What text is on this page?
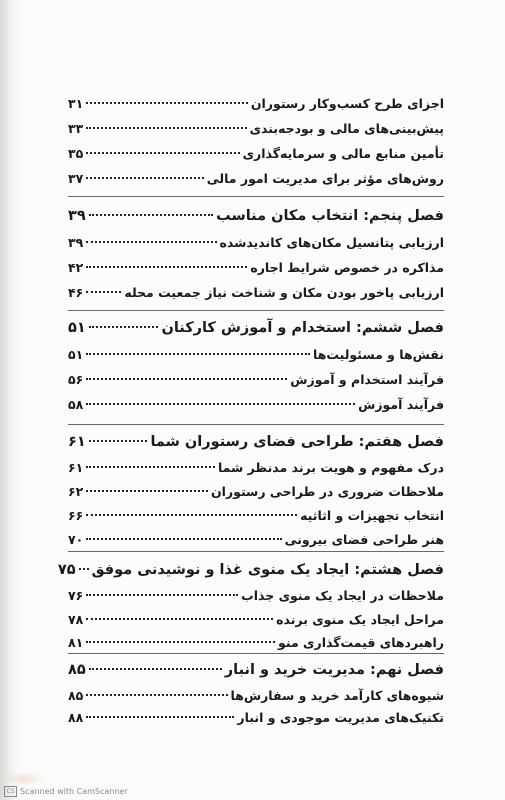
اجزای طرح کسب‌وکار رستوران
۳۱
پیش‌بینی‌های مالی و بودجه‌بندی
۳۳
تأمین منابع مالی و سرمایه‌گذاری
۳۵
روش‌های مؤثر برای مدیریت امور مالی
۳۷
فصل پنجم: انتخاب مکان مناسب
۳۹
ارزیابی پتانسیل مکان‌های کاندیدشده
۳۹
مذاکره در خصوص شرایط اجاره
۴۲
ارزیابی پاخور بودن مکان و شناخت نیاز جمعیت محله
۴۶
فصل ششم: استخدام و آموزش کارکنان
۵۱
نقش‌ها و مسئولیت‌ها
۵۱
فرآیند استخدام و آموزش
۵۶
فرآیند آموزش
۵۸
فصل هفتم: طراحی فضای رستوران شما
۶۱
درک مفهوم و هویت برند مدنظر شما
۶۱
ملاحظات ضروری در طراحی رستوران
۶۲
انتخاب تجهیزات و اثاثیه
۶۶
هنر طراحی فضای بیرونی
۷۰
فصل هشتم: ایجاد یک منوی غذا و نوشیدنی موفق
۷۵
ملاحظات در ایجاد یک منوی جذاب
۷۶
مراحل ایجاد یک منوی برنده
۷۸
راهبردهای قیمت‌گذاری منو
۸۱
فصل نهم: مدیریت خرید و انبار
۸۵
شیوه‌های کارآمد خرید و سفارش‌ها
۸۵
تکنیک‌های مدیریت موجودی و انبار
۸۸
CS Scanned with CamScanner
